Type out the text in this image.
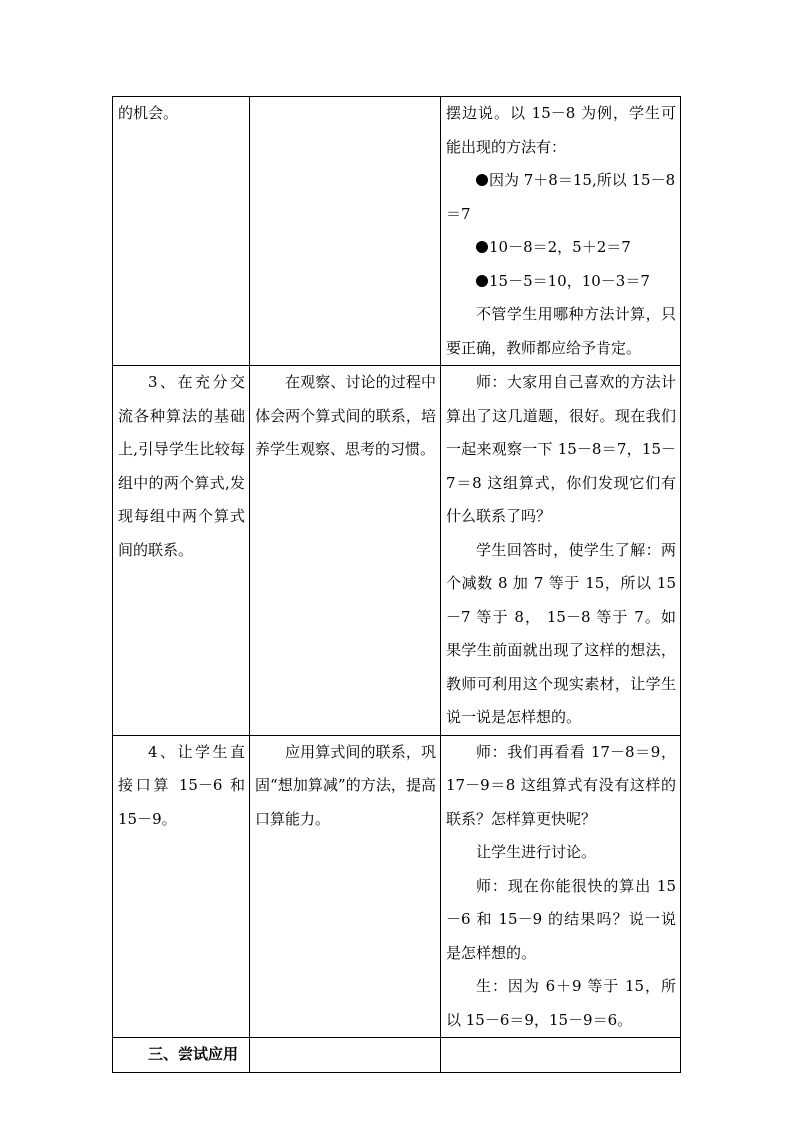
的机会。		摆边说。以 15－8 为例，学生可能出现的方法有：

因为 7＋8＝15,所以 15－8＝7

10－8＝2，5＋2＝7

15－5＝10，10－3＝7

不管学生用哪种方法计算，只要正确，教师都应给予肯定。

3、在充分交流各种算法的基础上,引导学生比较每组中的两个算式,发现每组中两个算式间的联系。	在观察、讨论的过程中体会两个算式间的联系，培养学生观察、思考的习惯。	师：大家用自己喜欢的方法计算出了这几道题，很好。现在我们一起来观察一下 15－8＝7，15－7＝8 这组算式，你们发现它们有什么联系了吗？

学生回答时，使学生了解：两个减数 8 加 7 等于 15，所以 15－7 等于 8， 15－8 等于 7。如果学生前面就出现了这样的想法，教师可利用这个现实素材，让学生说一说是怎样想的。

4、让学生直接口算 15－6 和 15－9。	应用算式间的联系，巩固“想加算减”的方法，提高口算能力。	师：我们再看看 17－8＝9，17－9＝8 这组算式有没有这样的联系？怎样算更快呢？

让学生进行讨论。

师：现在你能很快的算出 15－6 和 15－9 的结果吗？说一说是怎样想的。

生：因为 6＋9 等于 15，所以 15－6＝9，15－9＝6。

三、尝试应用		
